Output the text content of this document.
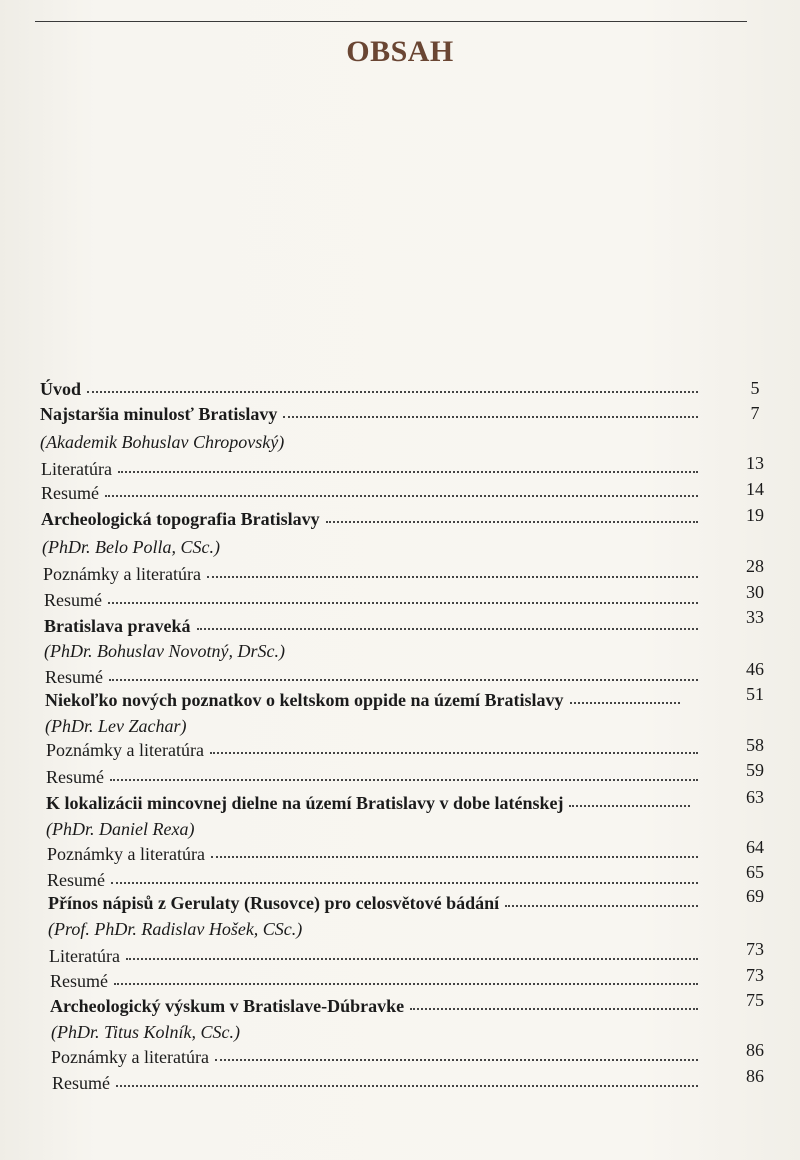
OBSAH
Úvod	5
Najstaršia minulosť Bratislavy	7
(Akademik Bohuslav Chropovský)
Literatúra	13
Resumé	14
Archeologická topografia Bratislavy	19
(PhDr. Belo Polla, CSc.)
Poznámky a literatúra	28
Resumé	30
Bratislava praveká	33
(PhDr. Bohuslav Novotný, DrSc.)
Resumé	46
Niekoľko nových poznatkov o keltskom oppide na území Bratislavy	51
(PhDr. Lev Zachar)
Poznámky a literatúra	58
Resumé	59
K lokalizácii mincovnej dielne na území Bratislavy v dobe laténskej	63
(PhDr. Daniel Rexa)
Poznámky a literatúra	64
Resumé	65
Přínos nápisů z Gerulaty (Rusovce) pro celosvětové bádání	69
(Prof. PhDr. Radislav Hošek, CSc.)
Literatúra	73
Resumé	73
Archeologický výskum v Bratislave-Dúbravke	75
(PhDr. Titus Kolník, CSc.)
Poznámky a literatúra	86
Resumé	86
